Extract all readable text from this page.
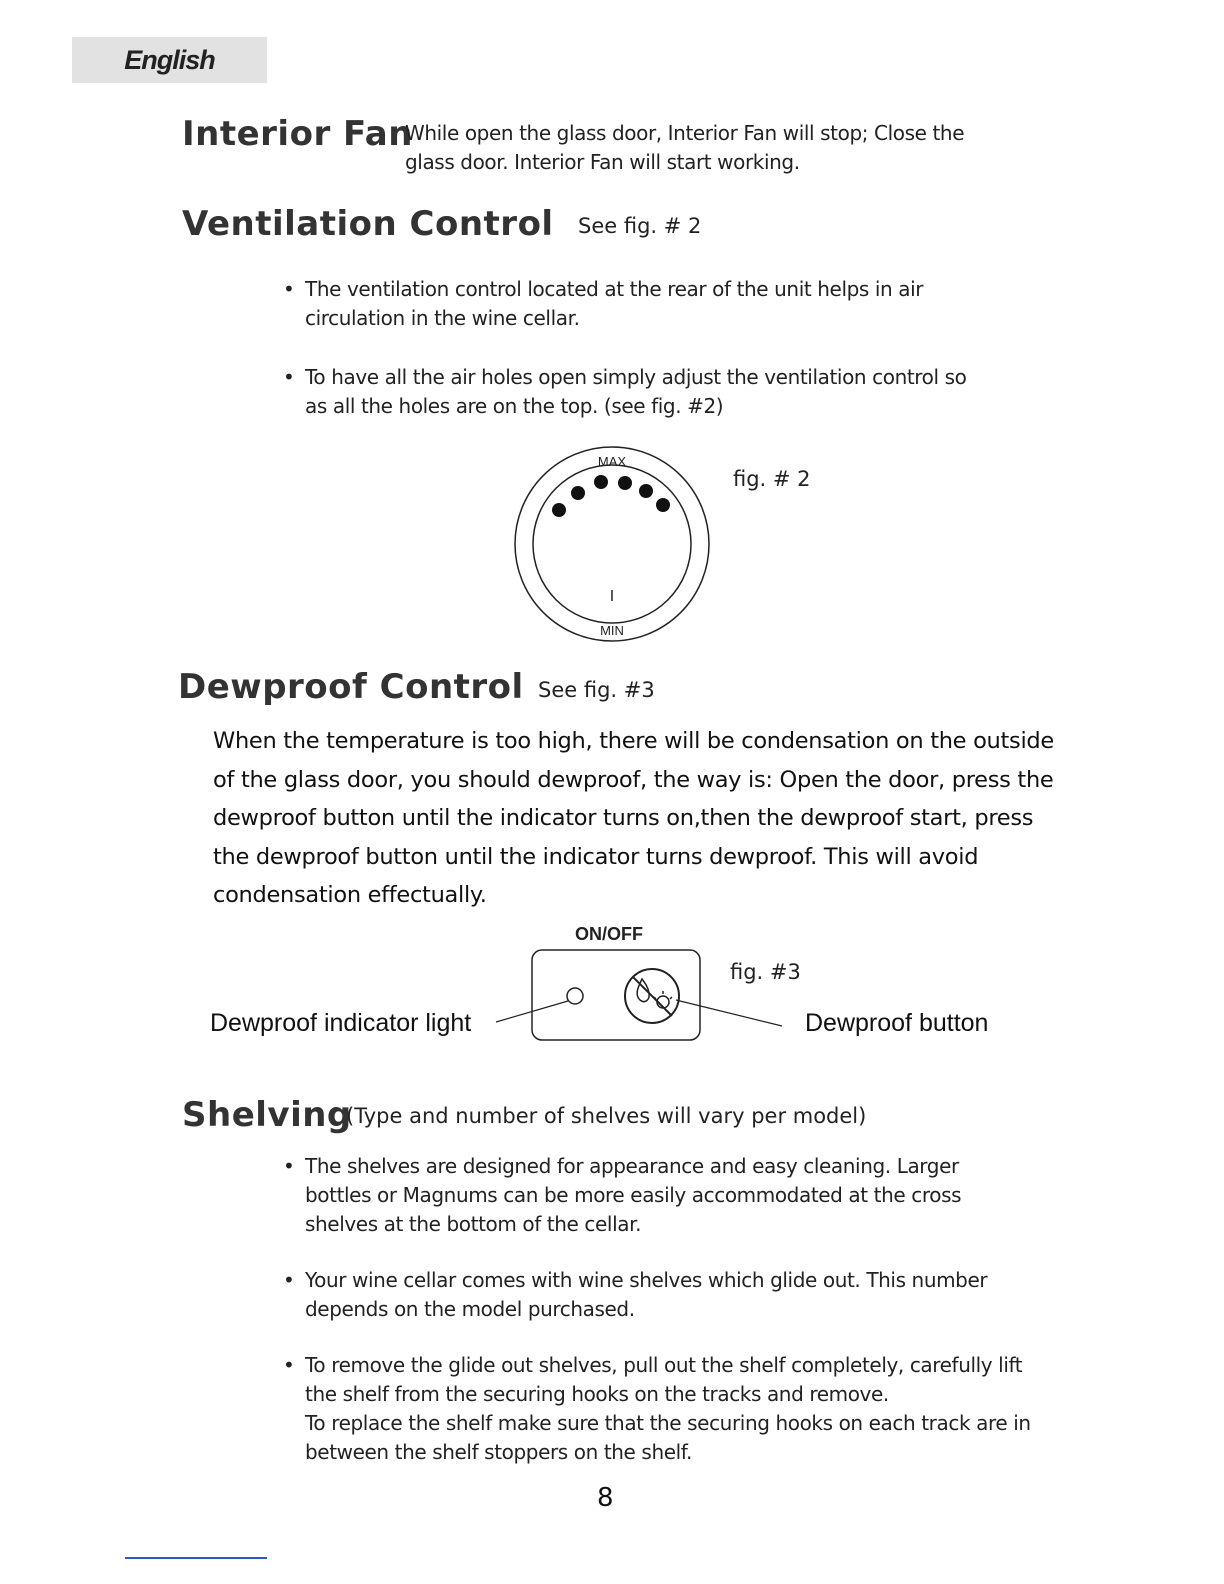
English
Interior Fan
While open the glass door, Interior Fan will stop; Close the glass door. Interior Fan will start working.
Ventilation Control See fig. # 2
• The ventilation control located at the rear of the unit helps in air circulation in the wine cellar.
• To have all the air holes open simply adjust the ventilation control so as all the holes are on the top. (see fig. #2)
MAX
I
MIN
fig. # 2
Dewproof Control See fig. #3
When the temperature is too high, there will be condensation on the outside
of the glass door, you should dewproof, the way is: Open the door, press the
dewproof button until the indicator turns on,then the dewproof start, press
the dewproof button until the indicator turns dewproof. This will avoid
condensation effectually.
ON/OFF
fig. #3
Dewproof indicator light	Dewproof button
Shelving
(Type and number of shelves will vary per model)
• The shelves are designed for appearance and easy cleaning. Larger bottles or Magnums can be more easily accommodated at the cross shelves at the bottom of the cellar.
• Your wine cellar comes with wine shelves which glide out. This number depends on the model purchased.
• To remove the glide out shelves, pull out the shelf completely, carefully lift the shelf from the securing hooks on the tracks and remove.
To replace the shelf make sure that the securing hooks on each track are in between the shelf stoppers on the shelf.
8
